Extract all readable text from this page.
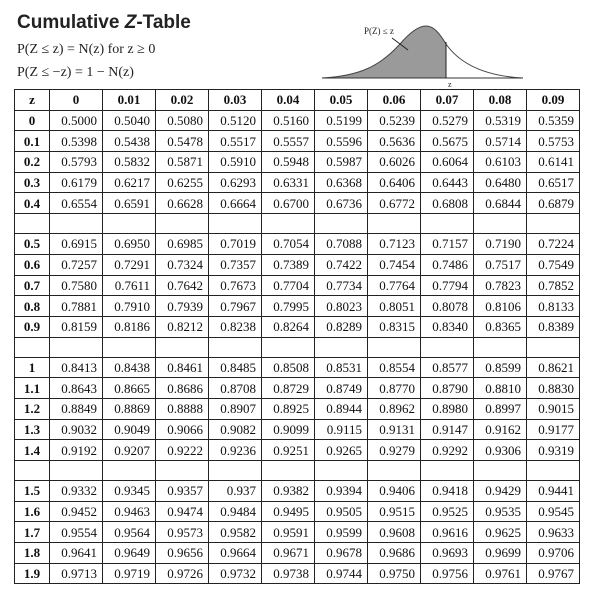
Cumulative Z-Table
P(Z ≤ z) = N(z) for z ≥ 0
P(Z ≤ −z) = 1 − N(z)
P(Z) ≤ z
z
z	0	0.01	0.02	0.03	0.04	0.05	0.06	0.07	0.08	0.09
0	0.5000	0.5040	0.5080	0.5120	0.5160	0.5199	0.5239	0.5279	0.5319	0.5359
0.1	0.5398	0.5438	0.5478	0.5517	0.5557	0.5596	0.5636	0.5675	0.5714	0.5753
0.2	0.5793	0.5832	0.5871	0.5910	0.5948	0.5987	0.6026	0.6064	0.6103	0.6141
0.3	0.6179	0.6217	0.6255	0.6293	0.6331	0.6368	0.6406	0.6443	0.6480	0.6517
0.4	0.6554	0.6591	0.6628	0.6664	0.6700	0.6736	0.6772	0.6808	0.6844	0.6879

0.5	0.6915	0.6950	0.6985	0.7019	0.7054	0.7088	0.7123	0.7157	0.7190	0.7224
0.6	0.7257	0.7291	0.7324	0.7357	0.7389	0.7422	0.7454	0.7486	0.7517	0.7549
0.7	0.7580	0.7611	0.7642	0.7673	0.7704	0.7734	0.7764	0.7794	0.7823	0.7852
0.8	0.7881	0.7910	0.7939	0.7967	0.7995	0.8023	0.8051	0.8078	0.8106	0.8133
0.9	0.8159	0.8186	0.8212	0.8238	0.8264	0.8289	0.8315	0.8340	0.8365	0.8389

1	0.8413	0.8438	0.8461	0.8485	0.8508	0.8531	0.8554	0.8577	0.8599	0.8621
1.1	0.8643	0.8665	0.8686	0.8708	0.8729	0.8749	0.8770	0.8790	0.8810	0.8830
1.2	0.8849	0.8869	0.8888	0.8907	0.8925	0.8944	0.8962	0.8980	0.8997	0.9015
1.3	0.9032	0.9049	0.9066	0.9082	0.9099	0.9115	0.9131	0.9147	0.9162	0.9177
1.4	0.9192	0.9207	0.9222	0.9236	0.9251	0.9265	0.9279	0.9292	0.9306	0.9319

1.5	0.9332	0.9345	0.9357	0.937	0.9382	0.9394	0.9406	0.9418	0.9429	0.9441
1.6	0.9452	0.9463	0.9474	0.9484	0.9495	0.9505	0.9515	0.9525	0.9535	0.9545
1.7	0.9554	0.9564	0.9573	0.9582	0.9591	0.9599	0.9608	0.9616	0.9625	0.9633
1.8	0.9641	0.9649	0.9656	0.9664	0.9671	0.9678	0.9686	0.9693	0.9699	0.9706
1.9	0.9713	0.9719	0.9726	0.9732	0.9738	0.9744	0.9750	0.9756	0.9761	0.9767
